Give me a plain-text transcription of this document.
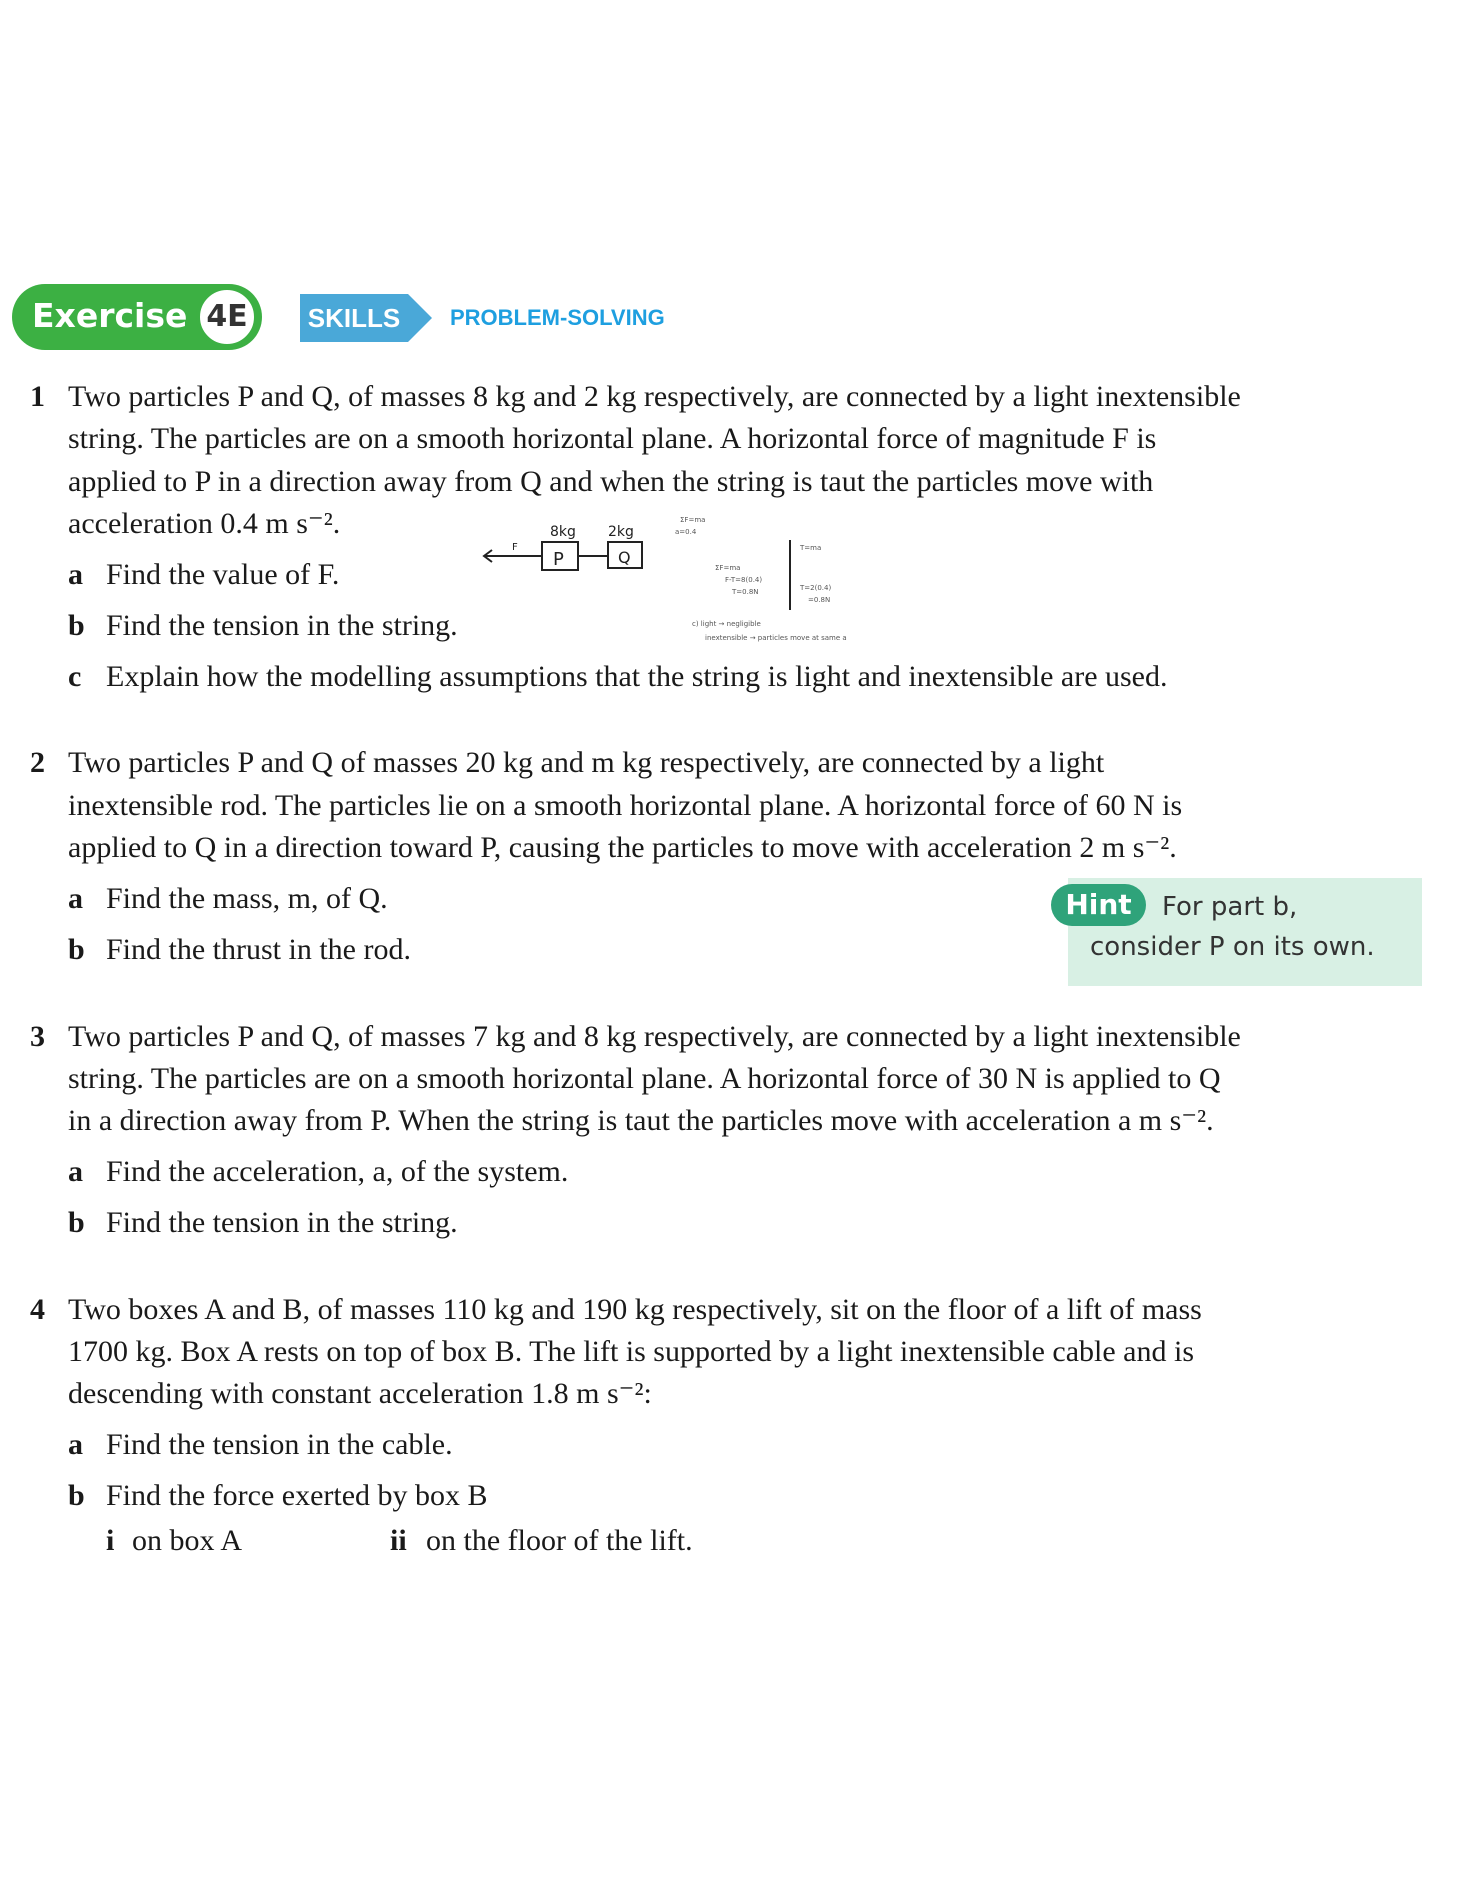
Exercise 4E	SKILLS	PROBLEM-SOLVING
1 Two particles P and Q, of masses 8 kg and 2 kg respectively, are connected by a light inextensible
string. The particles are on a smooth horizontal plane. A horizontal force of magnitude F is
applied to P in a direction away from Q and when the string is taut the particles move with
acceleration 0.4 m s⁻².
a Find the value of F.
b Find the tension in the string.
c Explain how the modelling assumptions that the string is light and inextensible are used.
8kg 2kg
P	Q
F
ΣF=ma
a=0.4
ΣF=ma
F-T=8(0.4)
T=0.8N
T=ma
T=2(0.4)
=0.8N
c) light → negligible
inextensible → particles move at same a
2 Two particles P and Q of masses 20 kg and m kg respectively, are connected by a light
inextensible rod. The particles lie on a smooth horizontal plane. A horizontal force of 60 N is
applied to Q in a direction toward P, causing the particles to move with acceleration 2 m s⁻².
a Find the mass, m, of Q.
b Find the thrust in the rod.
Hint	For part b,
consider P on its own.
3 Two particles P and Q, of masses 7 kg and 8 kg respectively, are connected by a light inextensible
string. The particles are on a smooth horizontal plane. A horizontal force of 30 N is applied to Q
in a direction away from P. When the string is taut the particles move with acceleration a m s⁻².
a Find the acceleration, a, of the system.
b Find the tension in the string.
4 Two boxes A and B, of masses 110 kg and 190 kg respectively, sit on the floor of a lift of mass
1700 kg. Box A rests on top of box B. The lift is supported by a light inextensible cable and is
descending with constant acceleration 1.8 m s⁻²:
a Find the tension in the cable.
b Find the force exerted by box B
i on box A	ii on the floor of the lift.
